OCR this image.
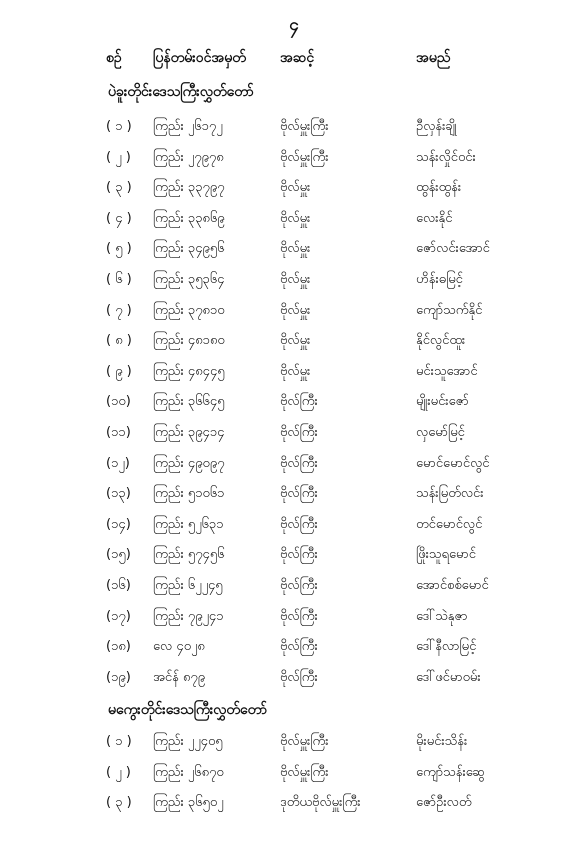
၄
စဉ် ပြန်တမ်းဝင်အမှတ် အဆင့်	အမည်
ပဲခူးတိုင်းဒေသကြီးလွှတ်တော်
( ၁ ) ကြည်း ၂၆၁၇၂	ဗိုလ်မှူးကြီး	ဉီလှန်းချို
( ၂ ) ကြည်း ၂၇၉၇၈	ဗိုလ်မှူးကြီး	သန်းလှိုင်ဝင်း
( ၃ ) ကြည်း ၃၃၇၉၇	ဗိုလ်မှူး	ထွန်းထွန်း
( ၄ ) ကြည်း ၃၃၈၆၉	ဗိုလ်မှူး	လေးနိုင်
( ၅ ) ကြည်း ၃၄၉၅၆	ဗိုလ်မှူး	ဇော်လင်းအောင်
( ၆ ) ကြည်း ၃၅၃၆၄	ဗိုလ်မှူး	ဟိန်းဓမြင့်
( ၇ ) ကြည်း ၃၇၈၁၀	ဗိုလ်မှူး	ကျော်သက်နိုင်
( ၈ ) ကြည်း ၄၈၁၈၀	ဗိုလ်မှူး	နိုင်လွင်ထူး
( ၉ ) ကြည်း ၄၈၄၄၅	ဗိုလ်မှူး	မင်းသူအောင်
(၁၀) ကြည်း ၃၆၆၄၅	ဗိုလ်ကြီး	မျိုးမင်းဇော်
(၁၁) ကြည်း ၃၉၄၁၄	ဗိုလ်ကြီး	လှမော်မြင့်
(၁၂) ကြည်း ၄၉၀၉၇	ဗိုလ်ကြီး	မောင်မောင်လွင်
(၁၃) ကြည်း ၅၁၀၆၁	ဗိုလ်ကြီး	သန်းမြတ်လင်း
(၁၄) ကြည်း ၅၂၆၃၁	ဗိုလ်ကြီး	တင်မောင်လွင်
(၁၅) ကြည်း ၅၇၄၅၆	ဗိုလ်ကြီး	ဖြိုးသူရမောင်
(၁၆) ကြည်း ၆၂၂၄၅	ဗိုလ်ကြီး	အောင်စစ်မောင်
(၁၇) ကြည်း ၇၉၂၄၁	ဗိုလ်ကြီး	ဒေါ်သဲနုဇာ
(၁၈) လေ ၄၀၂၈	ဗိုလ်ကြီး	ဒေါ်နီလာမြင့်
(၁၉) အင်န် ၈၇၉	ဗိုလ်ကြီး	ဒေါ်ဖင်မာဝမ်း
မကွေးတိုင်းဒေသကြီးလွှတ်တော်
( ၁ ) ကြည်း ၂၂၄၀၅	ဗိုလ်မှူးကြီး	မိုးမင်းသိန်း
( ၂ ) ကြည်း ၂၆၈၇၀	ဗိုလ်မှူးကြီး	ကျော်သန်းဆွေ
( ၃ ) ကြည်း ၃၆၅၀၂	ဒုတိယဗိုလ်မှူးကြီး	ဇော်ဦးလတ်
